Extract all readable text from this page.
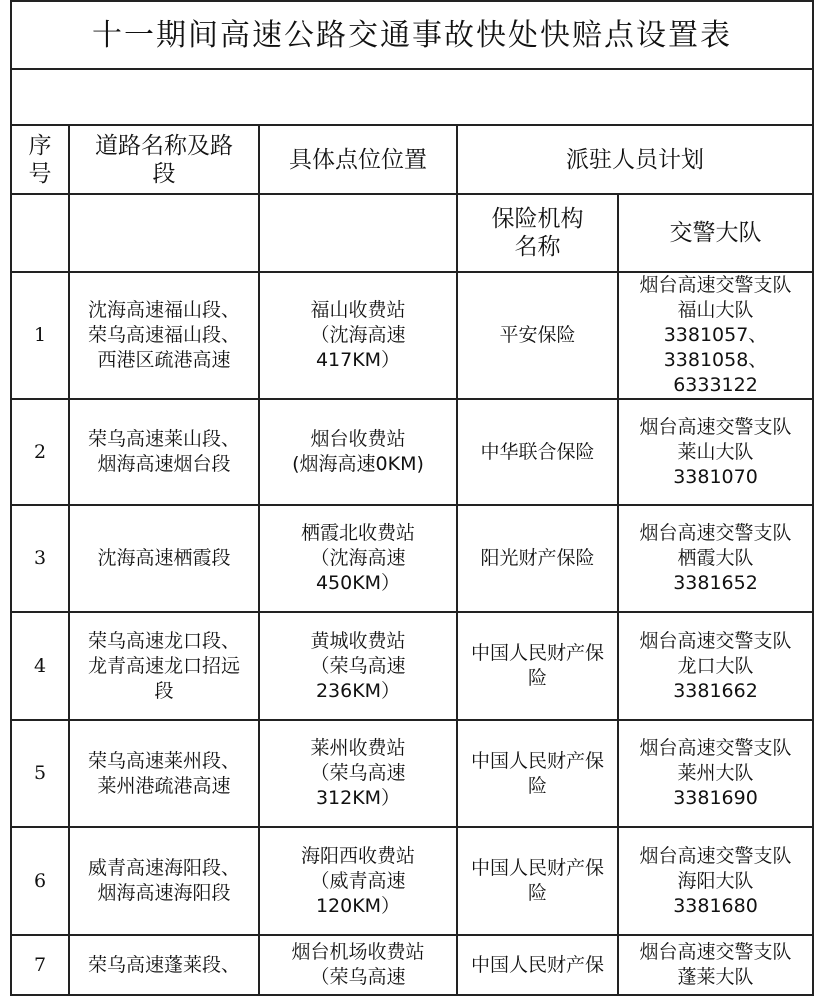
十一期间高速公路交通事故快处快赔点设置表				

序
号	道路名称及路
段	具体点位位置	派驻人员计划	

			保险机构
名称	交警大队

1	沈海高速福山段、
荣乌高速福山段、
西港区疏港高速	福山收费站
（沈海高速
417KM）	平安保险	烟台高速交警支队
福山大队
3381057、
3381058、6333122

2	荣乌高速莱山段、
烟海高速烟台段	烟台收费站
(烟海高速0KM)	中华联合保险	烟台高速交警支队
莱山大队
3381070

3	沈海高速栖霞段	栖霞北收费站
（沈海高速
450KM）	阳光财产保险	烟台高速交警支队
栖霞大队
3381652

4	荣乌高速龙口段、
龙青高速龙口招远
段	黄城收费站
（荣乌高速
236KM）	中国人民财产保
险	烟台高速交警支队
龙口大队
3381662

5	荣乌高速莱州段、
莱州港疏港高速	莱州收费站
（荣乌高速
312KM）	中国人民财产保
险	烟台高速交警支队
莱州大队
3381690

6	威青高速海阳段、
烟海高速海阳段	海阳西收费站
（威青高速
120KM）	中国人民财产保
险	烟台高速交警支队
海阳大队
3381680

7	荣乌高速蓬莱段、	烟台机场收费站
（荣乌高速	中国人民财产保	烟台高速交警支队
蓬莱大队
